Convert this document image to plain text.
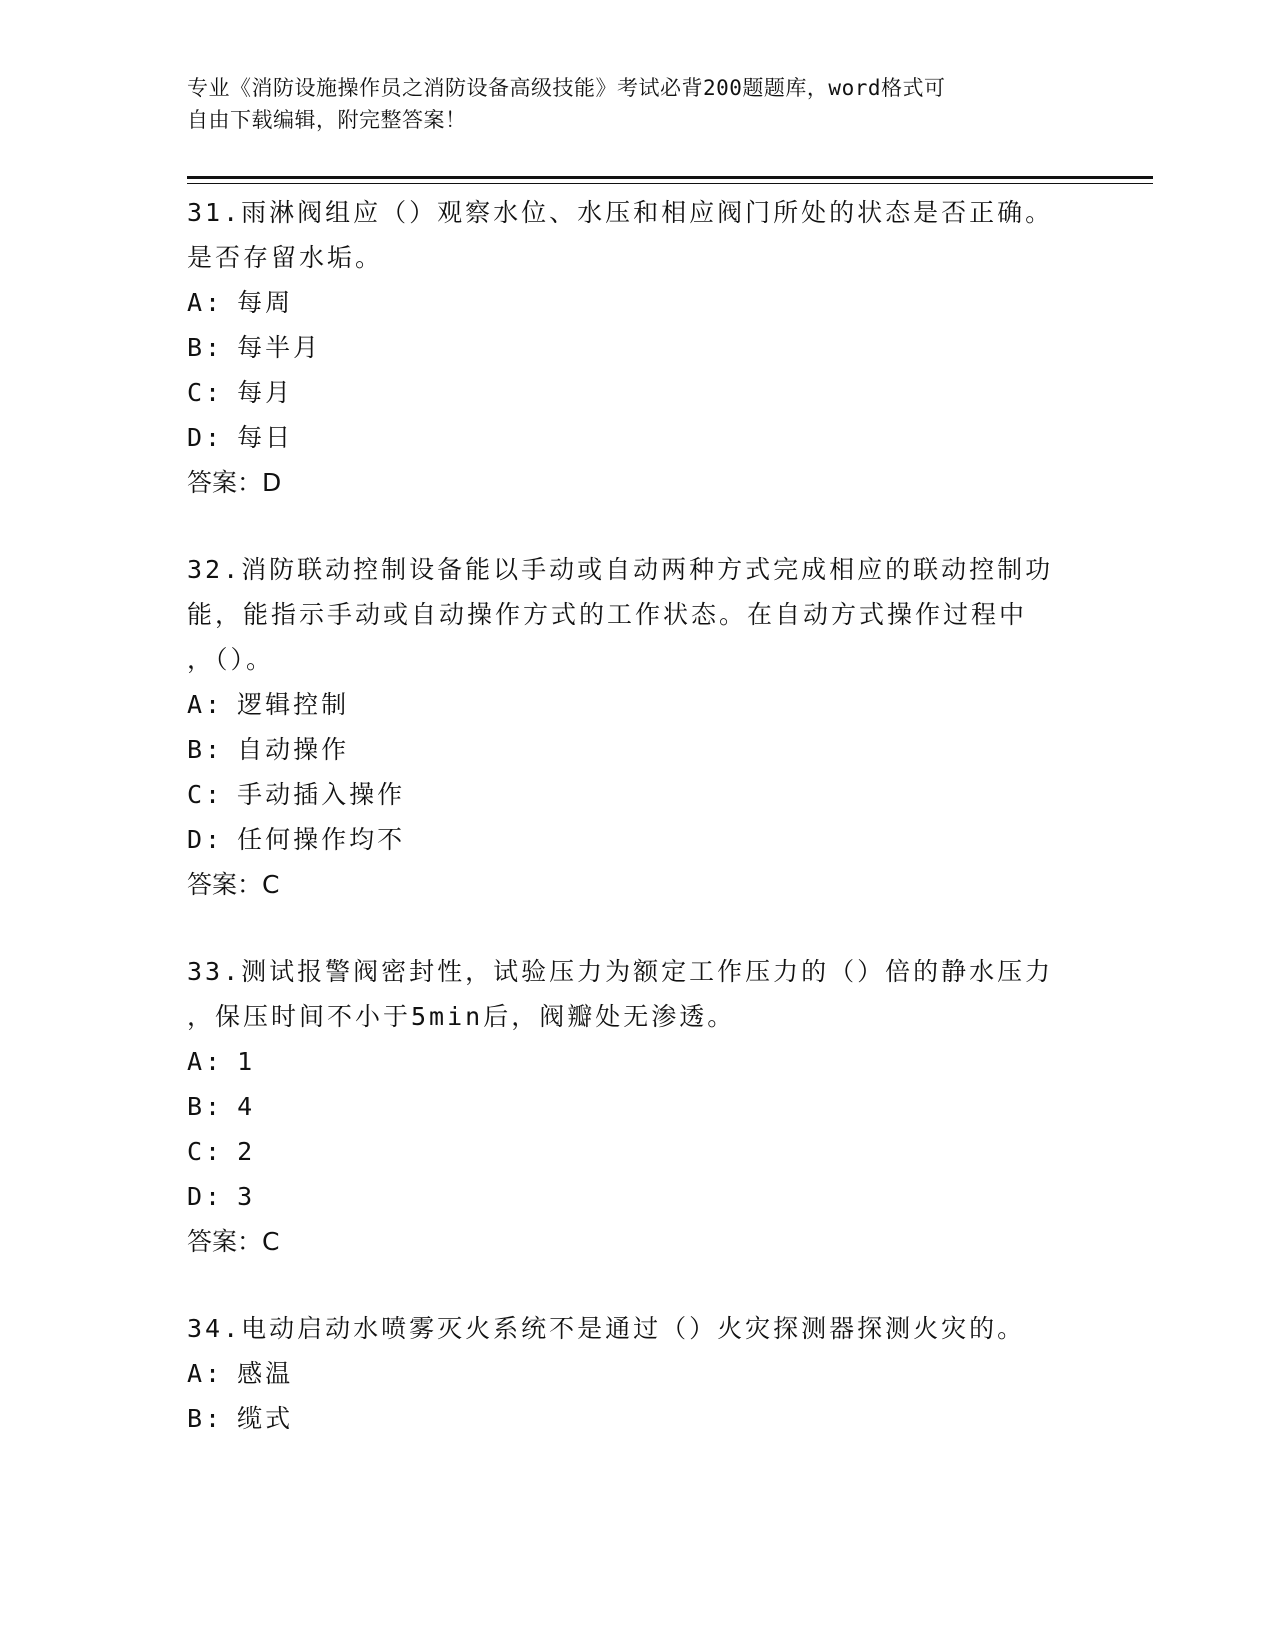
专业《消防设施操作员之消防设备高级技能》考试必背200题题库，word格式可

自由下载编辑，附完整答案！

31.雨淋阀组应（）观察水位、水压和相应阀门所处的状态是否正确。

是否存留水垢。

A: 每周

B: 每半月

C: 每月

D: 每日

答案：D

32.消防联动控制设备能以手动或自动两种方式完成相应的联动控制功

能，能指示手动或自动操作方式的工作状态。在自动方式操作过程中

，（）。

A: 逻辑控制

B: 自动操作

C: 手动插入操作

D: 任何操作均不

答案：C

33.测试报警阀密封性，试验压力为额定工作压力的（）倍的静水压力

，保压时间不小于5min后，阀瓣处无渗透。

A: 1

B: 4

C: 2

D: 3

答案：C

34.电动启动水喷雾灭火系统不是通过（）火灾探测器探测火灾的。

A: 感温

B: 缆式
